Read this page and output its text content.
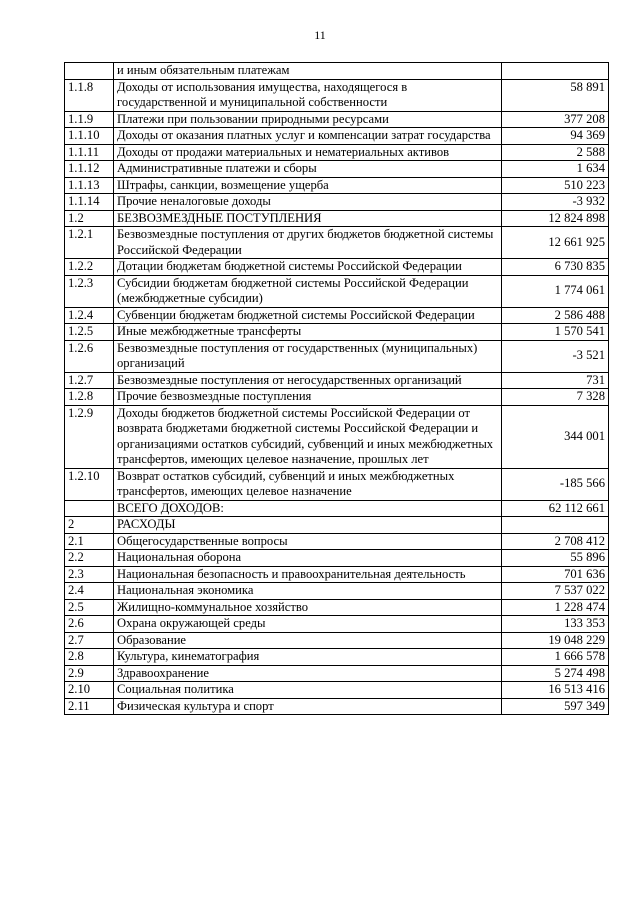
11
	и иным обязательным платежам	
1.1.8	Доходы от использования имущества, находящегося в государственной и муниципальной собственности	58 891
1.1.9	Платежи при пользовании природными ресурсами	377 208
1.1.10	Доходы от оказания платных услуг и компенсации затрат государства	94 369
1.1.11	Доходы от продажи материальных и нематериальных активов	2 588
1.1.12	Административные платежи и сборы	1 634
1.1.13	Штрафы, санкции, возмещение ущерба	510 223
1.1.14	Прочие неналоговые доходы	-3 932
1.2	БЕЗВОЗМЕЗДНЫЕ ПОСТУПЛЕНИЯ	12 824 898
1.2.1	Безвозмездные поступления от других бюджетов бюджетной системы Российской Федерации	12 661 925
1.2.2	Дотации бюджетам бюджетной системы Российской Федерации	6 730 835
1.2.3	Субсидии бюджетам бюджетной системы Российской Федерации (межбюджетные субсидии)	1 774 061
1.2.4	Субвенции бюджетам бюджетной системы Российской Федерации	2 586 488
1.2.5	Иные межбюджетные трансферты	1 570 541
1.2.6	Безвозмездные поступления от государственных (муниципальных) организаций	-3 521
1.2.7	Безвозмездные поступления от негосударственных организаций	731
1.2.8	Прочие безвозмездные поступления	7 328
1.2.9	Доходы бюджетов бюджетной системы Российской Федерации от возврата бюджетами бюджетной системы Российской Федерации и организациями остатков субсидий, субвенций и иных межбюджетных трансфертов, имеющих целевое назначение, прошлых лет	344 001
1.2.10	Возврат остатков субсидий, субвенций и иных межбюджетных трансфертов, имеющих целевое назначение	-185 566
	ВСЕГО ДОХОДОВ:	62 112 661
2	РАСХОДЫ	
2.1	Общегосударственные вопросы	2 708 412
2.2	Национальная оборона	55 896
2.3	Национальная безопасность и правоохранительная деятельность	701 636
2.4	Национальная экономика	7 537 022
2.5	Жилищно-коммунальное хозяйство	1 228 474
2.6	Охрана окружающей среды	133 353
2.7	Образование	19 048 229
2.8	Культура, кинематография	1 666 578
2.9	Здравоохранение	5 274 498
2.10	Социальная политика	16 513 416
2.11	Физическая культура и спорт	597 349
